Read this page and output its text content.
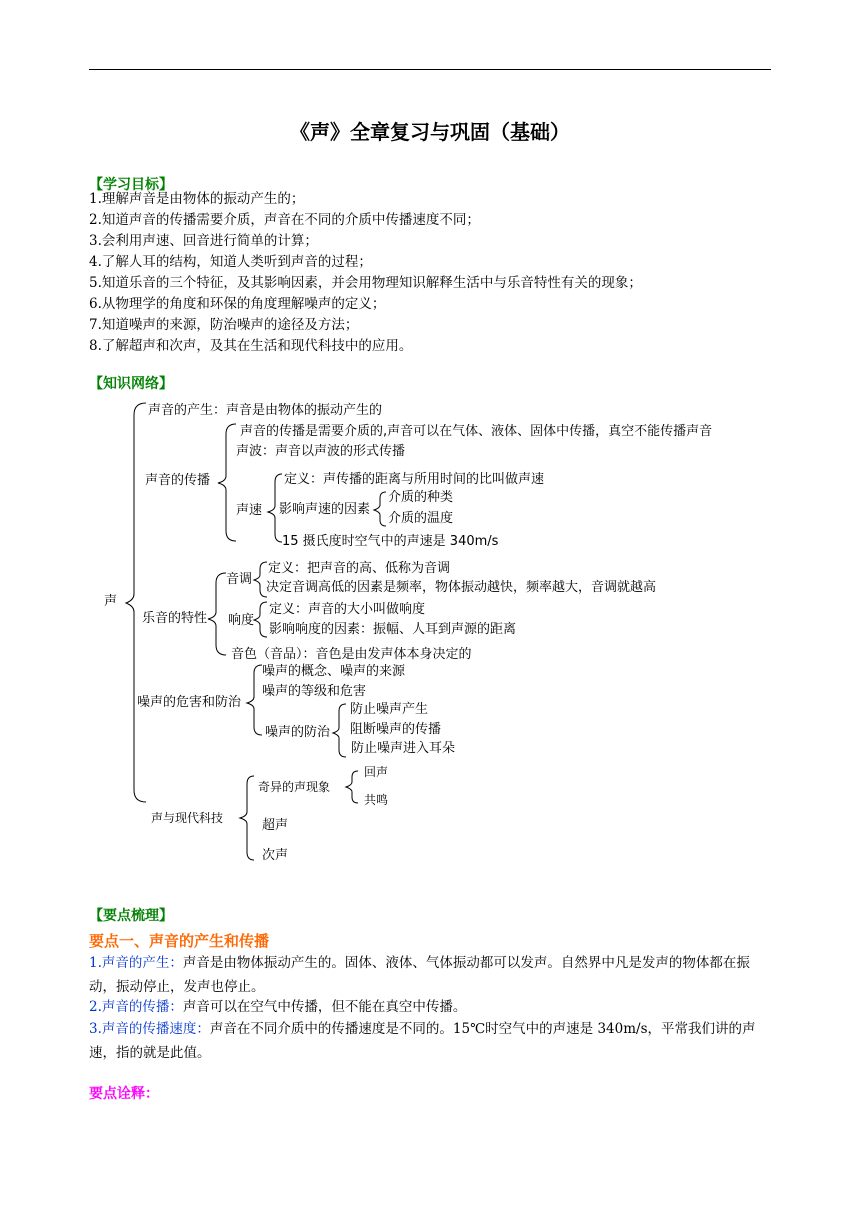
《声》全章复习与巩固（基础）
【学习目标】
1.理解声音是由物体的振动产生的；
2.知道声音的传播需要介质，声音在不同的介质中传播速度不同；
3.会利用声速、回音进行简单的计算；
4.了解人耳的结构，知道人类听到声音的过程；
5.知道乐音的三个特征，及其影响因素，并会用物理知识解释生活中与乐音特性有关的现象；
6.从物理学的角度和环保的角度理解噪声的定义；
7.知道噪声的来源，防治噪声的途径及方法；
8.了解超声和次声，及其在生活和现代科技中的应用。
【知识网络】
声
声音的产生：声音是由物体的振动产生的
声音的传播
声音的传播是需要介质的,声音可以在气体、液体、固体中传播，真空不能传播声音
声波：声音以声波的形式传播
声速
定义：声传播的距离与所用时间的比叫做声速
影响声速的因素
介质的种类
介质的温度
15 摄氏度时空气中的声速是 340m/s
乐音的特性
音调
定义：把声音的高、低称为音调
决定音调高低的因素是频率，物体振动越快，频率越大，音调就越高
响度
定义：声音的大小叫做响度
影响响度的因素：振幅、人耳到声源的距离
音色（音品）：音色是由发声体本身决定的
噪声的危害和防治
噪声的概念、噪声的来源
噪声的等级和危害
噪声的防治
防止噪声产生
阻断噪声的传播
防止噪声进入耳朵
声与现代科技
奇异的声现象
回声
共鸣
超声
次声
【要点梳理】
要点一、声音的产生和传播
1.声音的产生：声音是由物体振动产生的。固体、液体、气体振动都可以发声。自然界中凡是发声的物体都在振动，振动停止，发声也停止。
2.声音的传播：声音可以在空气中传播，但不能在真空中传播。
3.声音的传播速度：声音在不同介质中的传播速度是不同的。15℃时空气中的声速是 340m/s，平常我们讲的声速，指的就是此值。
要点诠释：
